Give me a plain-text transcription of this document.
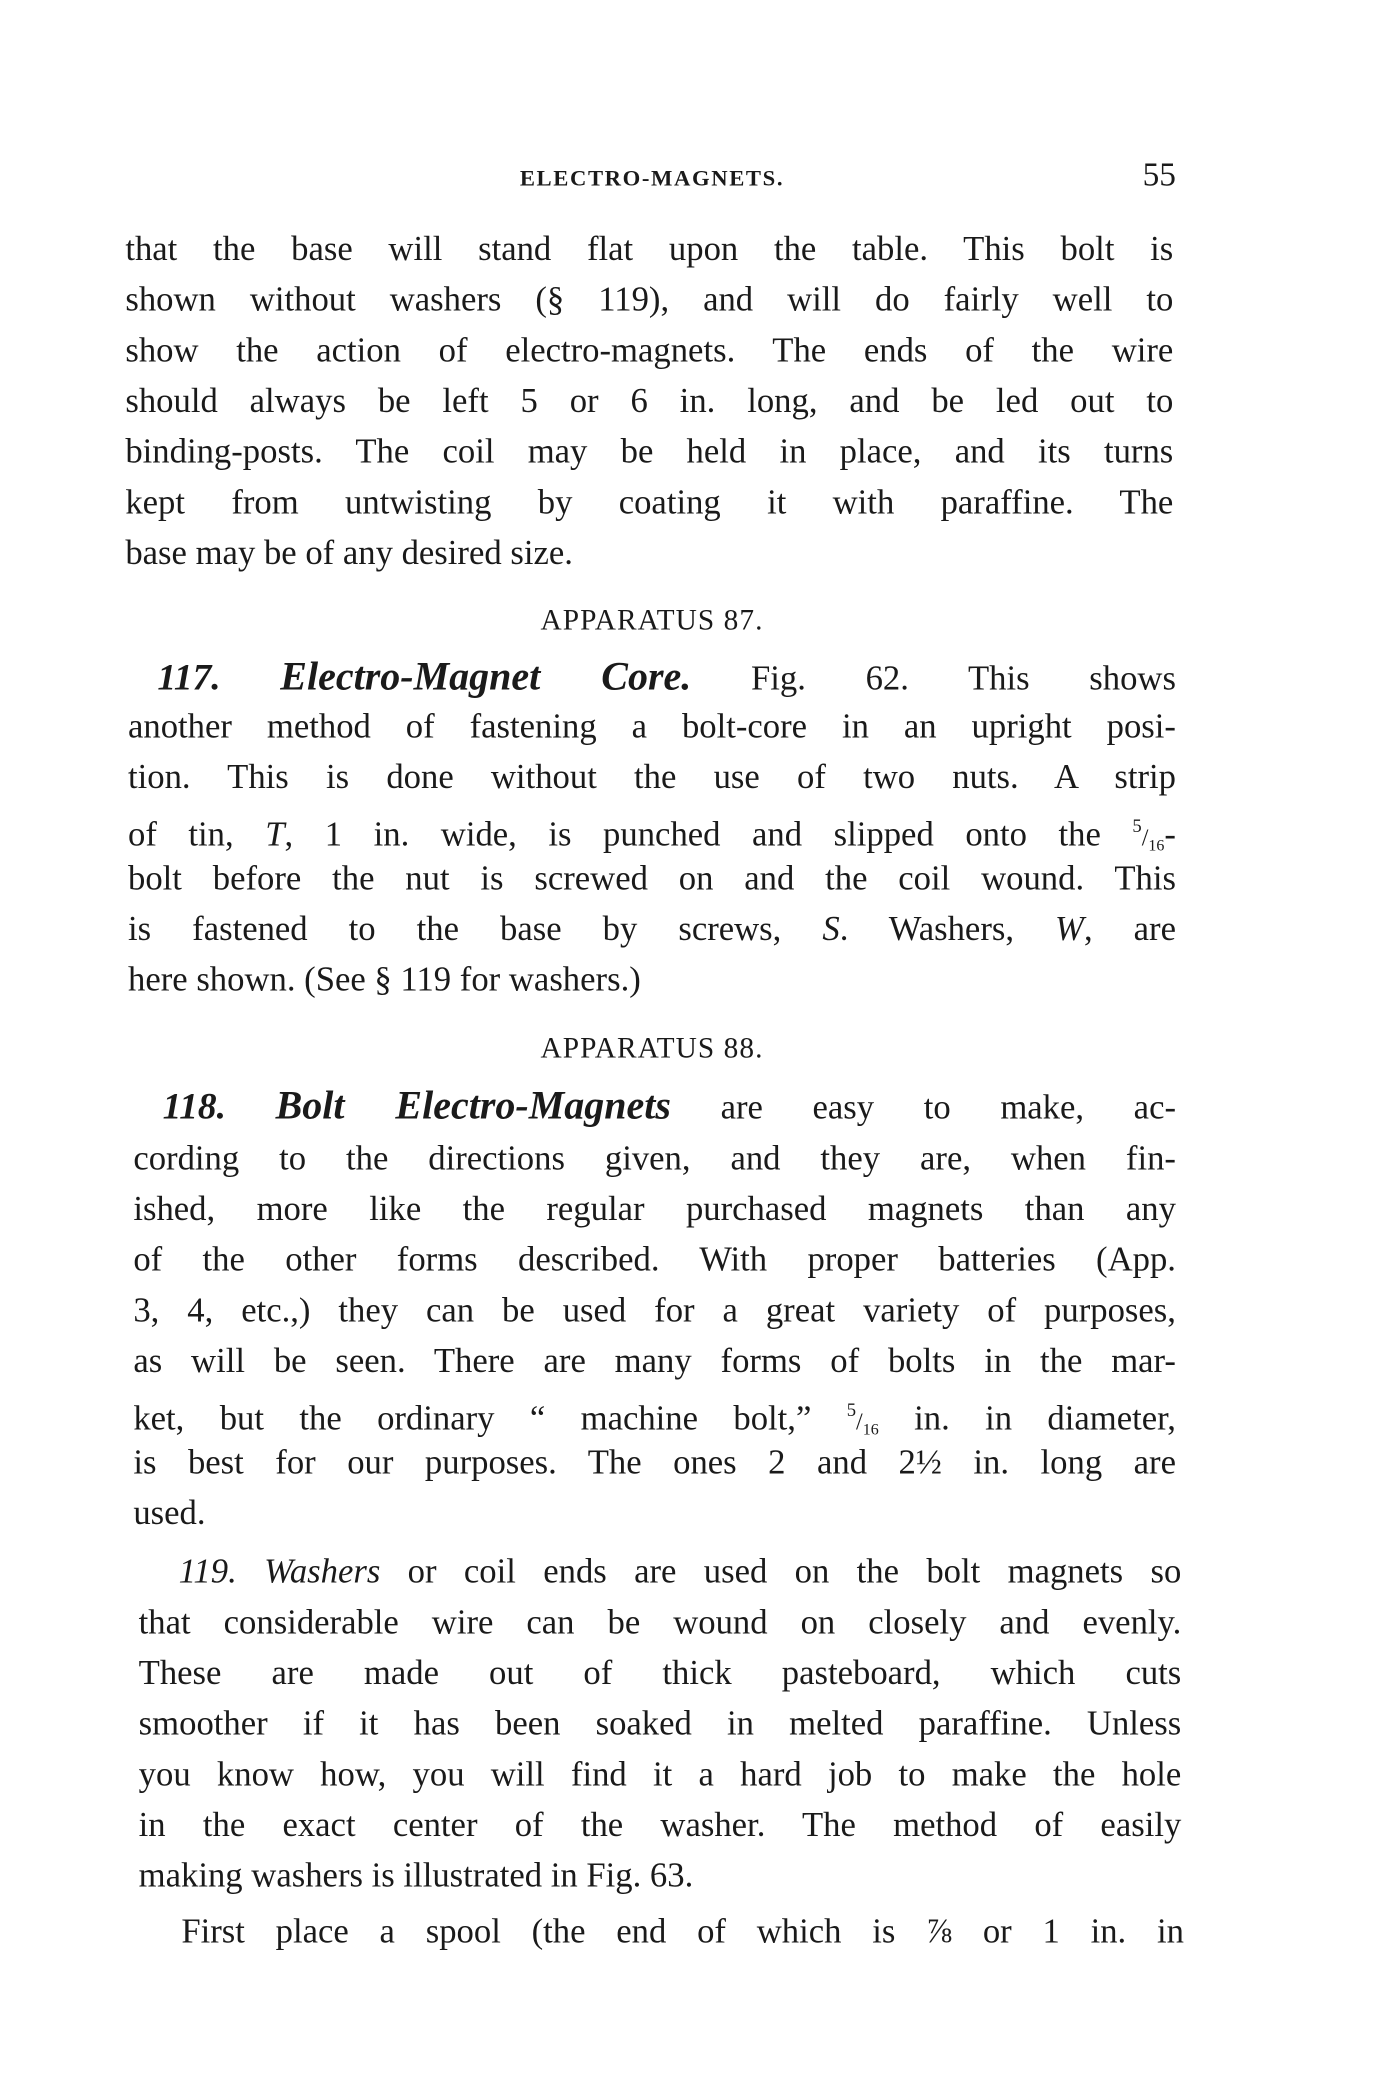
ELECTRO-MAGNETS.	55
that the base will stand flat upon the table. This bolt is
shown without washers (§ 119), and will do fairly well to
show the action of electro-magnets. The ends of the wire
should always be left 5 or 6 in. long, and be led out to
binding-posts. The coil may be held in place, and its turns
kept from untwisting by coating it with paraffine. The
base may be of any desired size.
APPARATUS 87.
117. Electro-Magnet Core. Fig. 62. This shows
another method of fastening a bolt-core in an upright posi-
tion. This is done without the use of two nuts. A strip
of tin, T, 1 in. wide, is punched and slipped onto the $^5$/16-
bolt before the nut is screwed on and the coil wound. This
is fastened to the base by screws, S. Washers, W, are
here shown. (See § 119 for washers.)
APPARATUS 88.
118. Bolt Electro-Magnets are easy to make, ac-
cording to the directions given, and they are, when fin-
ished, more like the regular purchased magnets than any
of the other forms described. With proper batteries (App.
3, 4, etc.,) they can be used for a great variety of purposes,
as will be seen. There are many forms of bolts in the mar-
ket, but the ordinary “ machine bolt,” $^5$/16 in. in diameter,
is best for our purposes. The ones 2 and 2½ in. long are
used.
119. Washers or coil ends are used on the bolt magnets so
that considerable wire can be wound on closely and evenly.
These are made out of thick pasteboard, which cuts
smoother if it has been soaked in melted paraffine. Unless
you know how, you will find it a hard job to make the hole
in the exact center of the washer. The method of easily
making washers is illustrated in Fig. 63.
First place a spool (the end of which is ⅞ or 1 in. in
